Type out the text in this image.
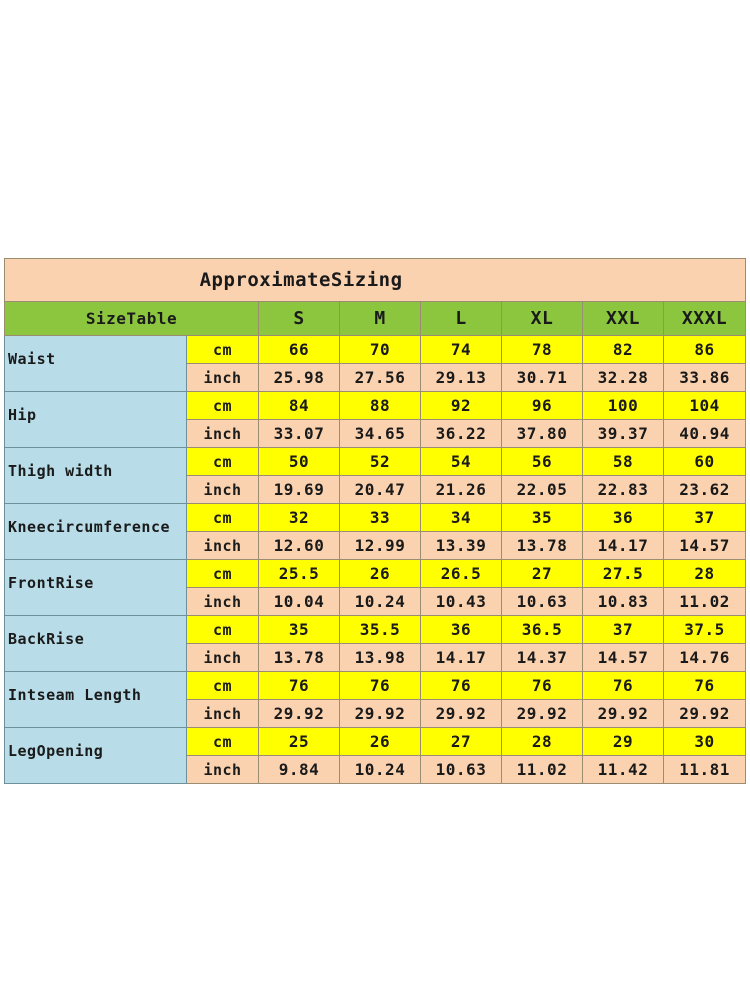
ApproximateSizing							
SizeTable		S	M	L	XL	XXL	XXXL
Waist	cm	66	70	74	78	82	86
	inch	25.98	27.56	29.13	30.71	32.28	33.86
Hip	cm	84	88	92	96	100	104
	inch	33.07	34.65	36.22	37.80	39.37	40.94
Thigh width	cm	50	52	54	56	58	60
	inch	19.69	20.47	21.26	22.05	22.83	23.62
Kneecircumference	cm	32	33	34	35	36	37
	inch	12.60	12.99	13.39	13.78	14.17	14.57
FrontRise	cm	25.5	26	26.5	27	27.5	28
	inch	10.04	10.24	10.43	10.63	10.83	11.02
BackRise	cm	35	35.5	36	36.5	37	37.5
	inch	13.78	13.98	14.17	14.37	14.57	14.76
Intseam Length	cm	76	76	76	76	76	76
	inch	29.92	29.92	29.92	29.92	29.92	29.92
LegOpening	cm	25	26	27	28	29	30
	inch	9.84	10.24	10.63	11.02	11.42	11.81
